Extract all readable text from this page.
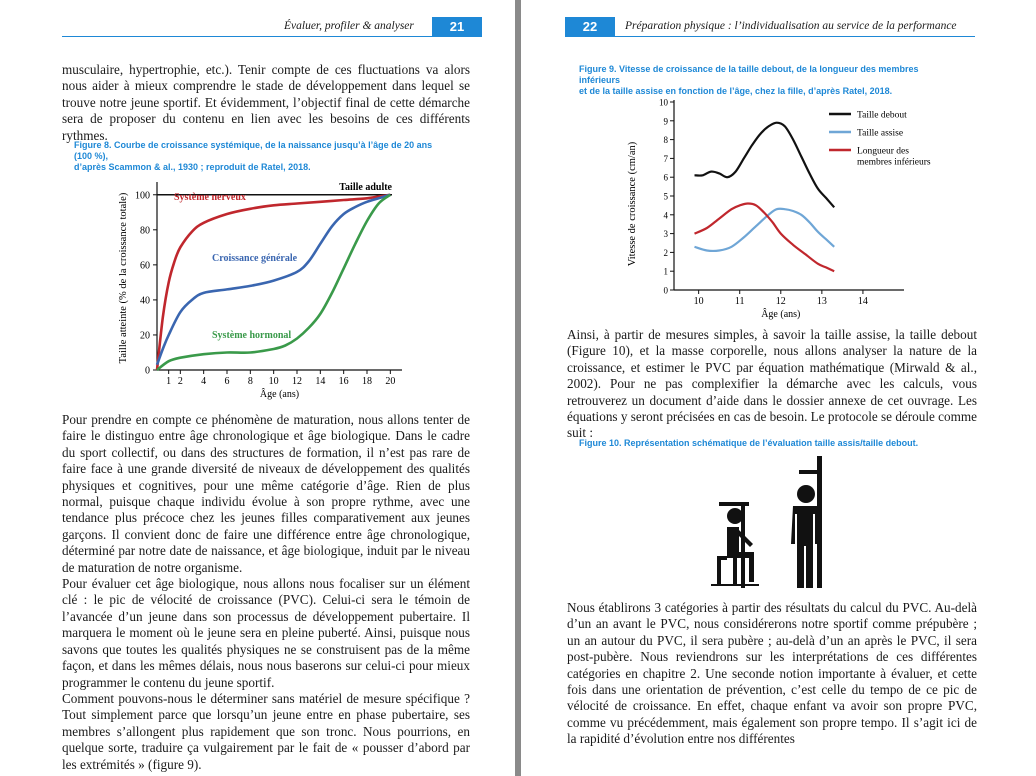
Évaluer, profiler & analyser	21

musculaire, hypertrophie, etc.). Tenir compte de ces fluctuations va alors nous aider à mieux comprendre le stade de développement dans lequel se trouve notre jeune sportif. Et évidemment, l’objectif final de cette démarche sera de proposer du contenu en lien avec les besoins de ces différents rythmes.

Figure 8. Courbe de croissance systémique, de la naissance jusqu’à l’âge de 20 ans (100 %),
d’après Scammon & al., 1930 ; reproduit de Ratel, 2018.
0
20
40
60
80
100
1 2 4 6 8 10 12 14 16 18 20
Âge (ans)
Taille atteinte (% de la croissance totale)
Taille adulte
Système nerveux
Croissance générale
Système hormonal

Pour prendre en compte ce phénomène de maturation, nous allons tenter de faire le distinguo entre âge chronologique et âge biologique. Dans le cadre du sport collectif, ou dans des structures de formation, il n’est pas rare de faire face à une grande diversité de niveaux de développement des qualités physiques et cognitives, pour une même catégorie d’âge. Rien de plus normal, puisque chaque individu évolue à son propre rythme, avec une tendance plus précoce chez les jeunes filles comparativement aux jeunes garçons. Il convient donc de faire une différence entre âge chronologique, déterminé par notre date de naissance, et âge biologique, induit par le niveau de maturation de notre organisme.

Pour évaluer cet âge biologique, nous allons nous focaliser sur un élément clé : le pic de vélocité de croissance (PVC). Celui-ci sera le témoin de l’avancée d’un jeune dans son processus de développement pubertaire. Il marquera le moment où le jeune sera en pleine puberté. Ainsi, puisque nous savons que toutes les qualités physiques ne se construisent pas de la même façon, et dans les mêmes délais, nous nous baserons sur celui-ci pour mieux programmer le contenu du jeune sportif.

Comment pouvons-nous le déterminer sans matériel de mesure spécifique ? Tout simplement parce que lorsqu’un jeune entre en phase pubertaire, ses membres s’allongent plus rapidement que son tronc. Nous pourrions, en quelque sorte, traduire ça vulgairement par le fait de « pousser d’abord par les extrémités » (figure 9).

22	Préparation physique : l’individualisation au service de la performance
Figure 9. Vitesse de croissance de la taille debout, de la longueur des membres inférieurs
et de la taille assise en fonction de l’âge, chez la fille, d’après Ratel, 2018.
0
1
2
3
4
5
6
7
8
9
10
10	11	12	13	14
Âge (ans)
Vitesse de croissance (cm/an)
Taille debout
Taille assise
Longueur des membres inférieurs

Ainsi, à partir de mesures simples, à savoir la taille assise, la taille debout (Figure 10), et la masse corporelle, nous allons analyser la nature de la croissance, et estimer le PVC par équation mathématique (Mirwald & al., 2002). Pour ne pas complexifier la démarche avec les calculs, vous retrouverez un document d’aide dans le dossier annexe de cet ouvrage. Les équations y seront précisées en cas de besoin. Le protocole se déroule comme suit :

Figure 10. Représentation schématique de l’évaluation taille assis/taille debout.

Nous établirons 3 catégories à partir des résultats du calcul du PVC. Au-delà d’un an avant le PVC, nous considérerons notre sportif comme prépubère ; un an autour du PVC, il sera pubère ; au-delà d’un an après le PVC, il sera post-pubère. Nous reviendrons sur les interprétations de ces différentes catégories en chapitre 2. Une seconde notion importante à évaluer, et cette fois dans une orientation de prévention, c’est celle du tempo de ce pic de vélocité de croissance. En effet, chaque enfant va avoir son propre PVC, comme vu précédemment, mais également son propre tempo. Il s’agit ici de la rapidité d’évolution entre nos différentes
